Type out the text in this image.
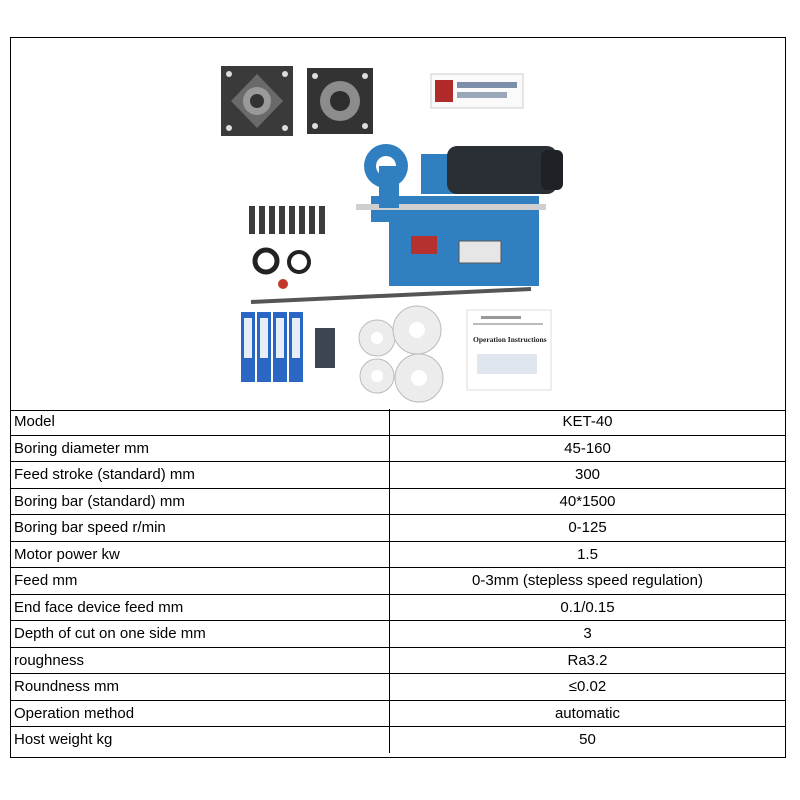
Operation Instructions
Model	KET-40
Boring diameter mm	45-160
Feed stroke (standard) mm	300
Boring bar (standard) mm	40*1500
Boring bar speed r/min	0-125
Motor power kw	1.5
Feed mm	0-3mm (stepless speed regulation)
End face device feed mm	0.1/0.15
Depth of cut on one side mm	3
roughness	Ra3.2
Roundness mm	≤0.02
Operation method	automatic
Host weight kg	50
